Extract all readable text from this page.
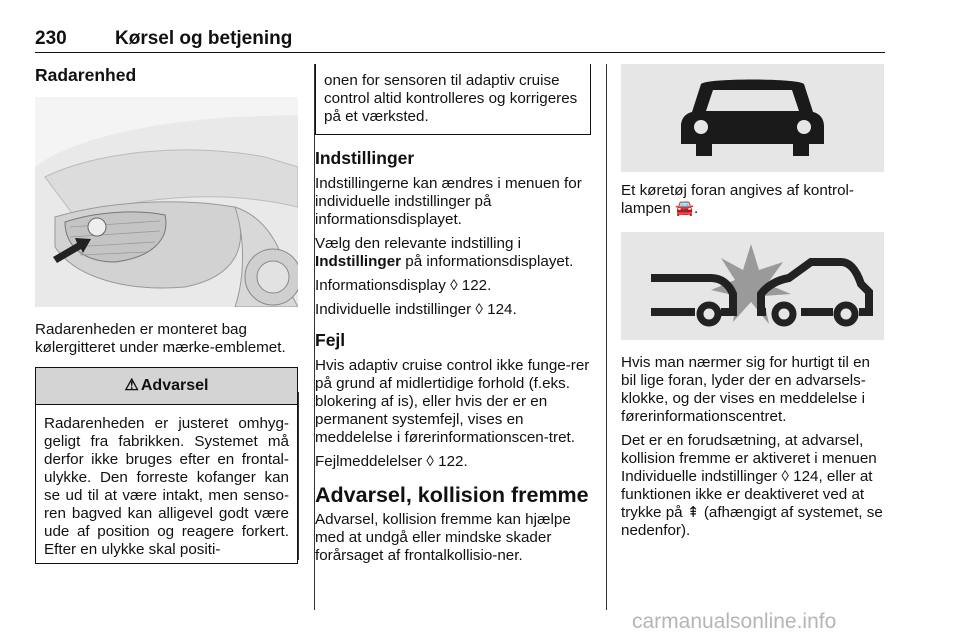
230	Kørsel og betjening
Radarenhed

Radarenheden er monteret bag kølergitteret under mærke-emblemet.

⚠ Advarsel
Radarenheden er justeret omhyg-geligt fra fabrikken. Systemet må derfor ikke bruges efter en frontal-ulykke. Den forreste kofanger kan se ud til at være intakt, men senso-ren bagved kan alligevel godt være ude af position og reagere forkert. Efter en ulykke skal positi-
onen for sensoren til adaptiv cruise control altid kontrolleres og korrigeres på et værksted.
Indstillinger

Indstillingerne kan ændres i menuen for individuelle indstillinger på informationsdisplayet.

Vælg den relevante indstilling i Indstillinger på informationsdisplayet.

Informationsdisplay ◊ 122.

Individuelle indstillinger ◊ 124.

Fejl

Hvis adaptiv cruise control ikke funge-rer på grund af midlertidige forhold (f.eks. blokering af is), eller hvis der er en permanent systemfejl, vises en meddelelse i førerinformationscen-tret.

Fejlmeddelelser ◊ 122.

Advarsel, kollision fremme

Advarsel, kollision fremme kan hjælpe med at undgå eller mindske skader forårsaget af frontalkollisio-ner.

Et køretøj foran angives af kontrol-lampen 🚘.

Hvis man nærmer sig for hurtigt til en bil lige foran, lyder der en advarsels-klokke, og der vises en meddelelse i førerinformationscentret.

Det er en forudsætning, at advarsel, kollision fremme er aktiveret i menuen Individuelle indstillinger ◊ 124, eller at funktionen ikke er deaktiveret ved at trykke på ⇞ (afhængigt af systemet, se nedenfor).

carmanualsonline.info
